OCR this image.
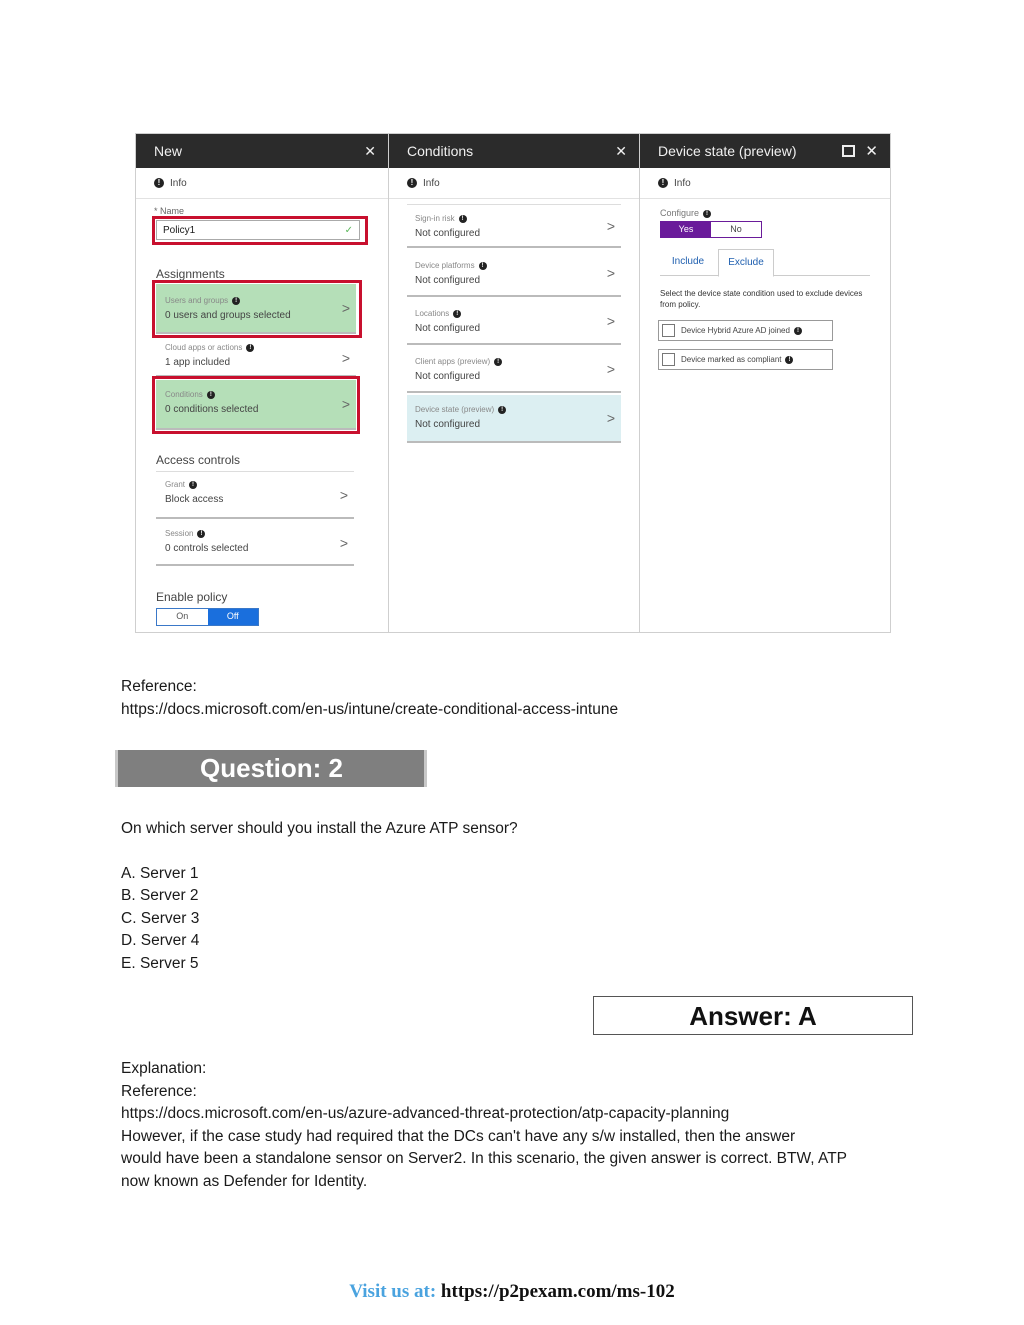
New	✕
! Info
* Name
Policy1	✓
Assignments
Users and groups !
0 users and groups selected	>
Cloud apps or actions !
1 app included	>
Conditions !
0 conditions selected	>
Access controls
Grant !
Block access	>
Session !
0 controls selected	>
Enable policy
On	Off
Conditions	✕
! Info
Sign-in risk !
Not configured	>
Device platforms !
Not configured	>
Locations !
Not configured	>
Client apps (preview) !
Not configured	>
Device state (preview) !
Not configured	>
Device state (preview)	✕
! Info
Configure !
Yes	No
Include	Exclude
Select the device state condition used to exclude devices from policy.
Device Hybrid Azure AD joined	!
Device marked as compliant	!
Reference:
https://docs.microsoft.com/en-us/intune/create-conditional-access-intune
Question: 2
On which server should you install the Azure ATP sensor?
A. Server 1
B. Server 2
C. Server 3
D. Server 4
E. Server 5
Answer: A
Explanation:
Reference:
https://docs.microsoft.com/en-us/azure-advanced-threat-protection/atp-capacity-planning
However, if the case study had required that the DCs can't have any s/w installed, then the answer
would have been a standalone sensor on Server2. In this scenario, the given answer is correct. BTW, ATP
now known as Defender for Identity.
Visit us at: https://p2pexam.com/ms-102
